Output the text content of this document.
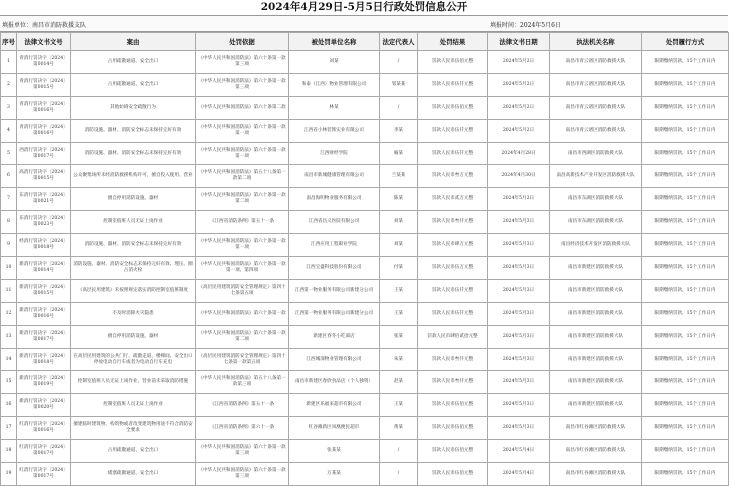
2024年4月29日-5月5日行政处罚信息公开
填报单位：南昌市消防救援支队	填报时间：2024年5月6日
序号	法律文书文号	案由	处罚依据	被处罚单位名称	法定代表人	处罚结果	法律文书日期	执法机关名称	处罚履行方式
1	青消行罚决字〔2024〕第0014号	占用疏散通道、安全出口	《中华人民共和国消防法》第六十条第一款第三项	刘某	/	罚款人民币伍佰元整	2024年5月2日	南昌市青云谱区消防救援大队	限期缴纳罚款，15个工作日内
2	青消行罚决字〔2024〕第0015号	占用疏散通道、安全出口	《中华人民共和国消防法》第六十条第一款第三项	和泰（江西）物业管理有限公司	邹某某	罚款人民币伍仟元整	2024年5月2日	南昌市青云谱区消防救援大队	限期缴纳罚款，15个工作日内
3	青消行罚决字〔2024〕第0016号	其他妨碍安全疏散行为	《中华人民共和国消防法》第六十条第二款	林某	/	罚款人民币伍佰元整	2024年5月2日	南昌市青云谱区消防救援大队	限期缴纳罚款，15个工作日内
4	青消行罚决字〔2024〕第0016号	消防设施、器材、消防安全标志未保持完好有效	《中华人民共和国消防法》第六十条第一款第一项	江西省小林装饰实业有限公司	李某	罚款人民币伍仟元整	2024年5月2日	南昌市青云谱区消防救援大队	限期缴纳罚款，15个工作日内
5	西消行罚决字〔2024〕第0017号	消防设施、器材、消防安全标志未保持完好有效	《中华人民共和国消防法》第六十条第一款第一项	江西财经学院	喻某	罚款人民币伍仟元整	2024年4月28日	南昌市西湖区消防救援大队	限期缴纳罚款，15个工作日内
6	高消行罚决字〔2024〕第0015号	公众聚集场所未经消防救援机构许可，擅自投入使用、营业	《中华人民共和国消防法》第五十八条第一款第二项	南昌市新城健康管理有限公司	兰某某	罚款人民币叁万元整	2024年4月30日	南昌高新技术产业开发区消防救援大队	限期缴纳罚款，15个工作日内
7	东消行罚决字〔2024〕第0021号	擅自停用消防设施、器材	《中华人民共和国消防法》第六十条第一款第二项	南昌海明物业服务有限公司	陈某	罚款人民币贰万元整	2024年5月2日	南昌市东湖区消防救援大队	限期缴纳罚款，15个工作日内
8	东消行罚决字〔2024〕第0023号	控制室值班人员无证上岗作业	《江西省消防条例》第五十一条	江西省昌义医院有限公司	刘某	罚款人民币叁仟元整	2024年5月3日	南昌市东湖区消防救援大队	限期缴纳罚款，15个工作日内
9	经消行罚决字〔2024〕第0018号	消防设施、器材、消防安全标志未保持完好有效	《中华人民共和国消防法》第六十条第一款第一项	江西应用工程职业学院	刘某	罚款人民币肆万元整	2024年5月3日	南昌经济技术开发区消防救援大队	限期缴纳罚款，15个工作日内
10	新消行罚决字〔2024〕第0014号	消防设施、器材、消防安全标志未保持完好有效、埋压、圈占消火栓	《中华人民共和国消防法》第六十条第一款第一项、第四项	江西宝盛科技股份有限公司	付某	罚款人民币伍万元整	2024年5月3日	南昌市新建区消防救援大队	限期缴纳罚款，15个工作日内
11	新消行罚决字〔2024〕第0015号	《高层民用建筑》未按照规定落实消防控制室值班制度	《高层民用建筑消防安全管理规定》第四十七条第五项	江西第一物业服务有限公司新建分公司	王某	罚款人民币伍仟元整	2024年5月3日	南昌市新建区消防救援大队	限期缴纳罚款，15个工作日内
12	新消行罚决字〔2024〕第0016号	不及时消除火灾隐患	《中华人民共和国消防法》第六十条第一款	江西第一物业服务有限公司新建分公司	王某	罚款人民币伍仟元整	2024年5月3日	南昌市新建区消防救援大队	限期缴纳罚款，15个工作日内
13	新消行罚决字〔2024〕第0017号	擅自停用消防设施、器材	《中华人民共和国消防法》第六十条第一款第二项	新建区春冬小吃部店	张某	罚款人民币肆佰贰拾元整	2024年5月3日	南昌市新建区消防救援大队	限期缴纳罚款，15个工作日内
14	新消行罚决字〔2024〕第0018号	在高层民用建筑的公共门厅、疏散走道、楼梯间、安全出口停放电动自行车或者为电动自行车充电	《高层民用建筑消防安全管理规定》第四十七条第一款第五项	江西城深物业管理有限公司	朱某	罚款人民币叁仟元整	2024年5月3日	南昌市新建区消防救援大队	限期缴纳罚款，15个工作日内
15	新消行罚决字〔2024〕第0019号	控制室值班人员无证上岗作业，营业前未采取消防措施	《中华人民共和国消防法》第五十八条第一款第三项	南昌市新建区春欣食品店（个人独资）	赵某	罚款人民币叁仟元整	2024年5月3日	南昌市新建区消防救援大队	限期缴纳罚款，15个工作日内
16	新消行罚决字〔2024〕第0020号	控制室值班人员无证上岗作业	《江西省消防条例》第五十一条	新建区乐福来超市有限公司	王某	罚款人民币伍佰元整	2024年5月3日	南昌市新建区消防救援大队	限期缴纳罚款，15个工作日内
17	红消行罚决字〔2024〕第0016号	擅建临时建筑物、构筑物或者改变建筑物用途不符合消防安全要求	《江西省消防条例》第六十一条	红谷滩新区凤凰便民超市	黄某	罚款人民币伍佰元整	2024年5月3日	南昌市红谷滩区消防救援大队	限期缴纳罚款，15个工作日内
18	红消行罚决字〔2024〕第0017号	占用疏散通道、安全出口	《中华人民共和国消防法》第六十条第一款第三项	张某某	/	罚款人民币伍佰元整	2024年5月4日	南昌市红谷滩区消防救援大队	限期缴纳罚款，15个工作日内
19	红消行罚决字〔2024〕第0017号	堵塞疏散通道、安全出口	《中华人民共和国消防法》第六十条第一款第三项	万某某	/	罚款人民币伍佰元整	2024年5月4日	南昌市红谷滩区消防救援大队	限期缴纳罚款，15个工作日内
